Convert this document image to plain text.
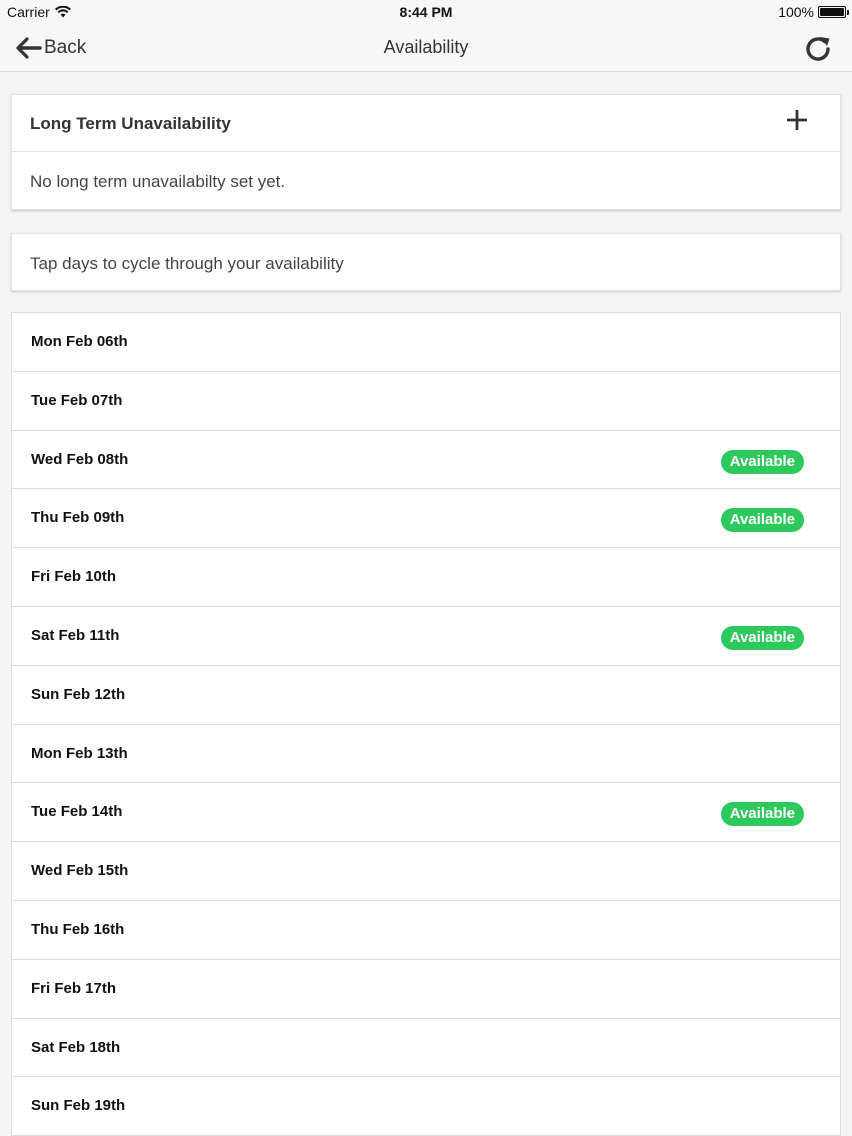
Carrier	8:44 PM	100%
Back	Availability
Long Term Unavailability
No long term unavailabilty set yet.
Tap days to cycle through your availability
Mon Feb 06th
Tue Feb 07th
Wed Feb 08th	Available
Thu Feb 09th	Available
Fri Feb 10th
Sat Feb 11th	Available
Sun Feb 12th
Mon Feb 13th
Tue Feb 14th	Available
Wed Feb 15th
Thu Feb 16th
Fri Feb 17th
Sat Feb 18th
Sun Feb 19th
